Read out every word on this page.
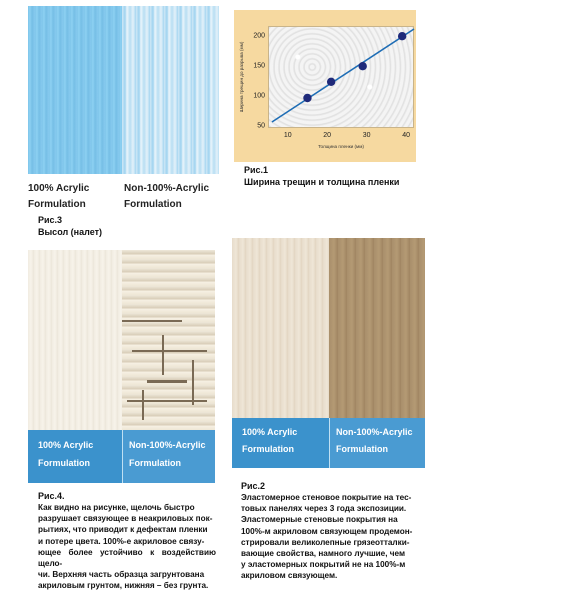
100% Acrylic
Formulation
Non-100%-Acrylic
Formulation
Рис.3
Высол (налет)
10	20	30	40
50
100
150
200
Толщина пленки (мм)
Ширина трещин до разрыва (мм)
Рис.1
Ширина трещин и толщина пленки
100% Acrylic
Formulation
Non-100%-Acrylic
Formulation
Рис.4.
Как видно на рисунке, щелочь быстро
разрушает связующее в неакриловых пок-
рытиях, что приводит к дефектам пленки
и потере цвета. 100%-е акриловое связу-
ющее более устойчиво к воздействию щело-
чи. Верхняя часть образца загрунтована
акриловым грунтом, нижняя – без грунта.
100% Acrylic
Formulation
Non-100%-Acrylic
Formulation
Рис.2
Эластомерное стеновое покрытие на тес-
товых панелях через 3 года экспозиции.
Эластомерные стеновые покрытия на
100%-м акриловом связующем продемон-
стрировали великолепные грязеотталки-
вающие свойства, намного лучшие, чем
у эластомерных покрытий не на 100%-м
акриловом связующем.
